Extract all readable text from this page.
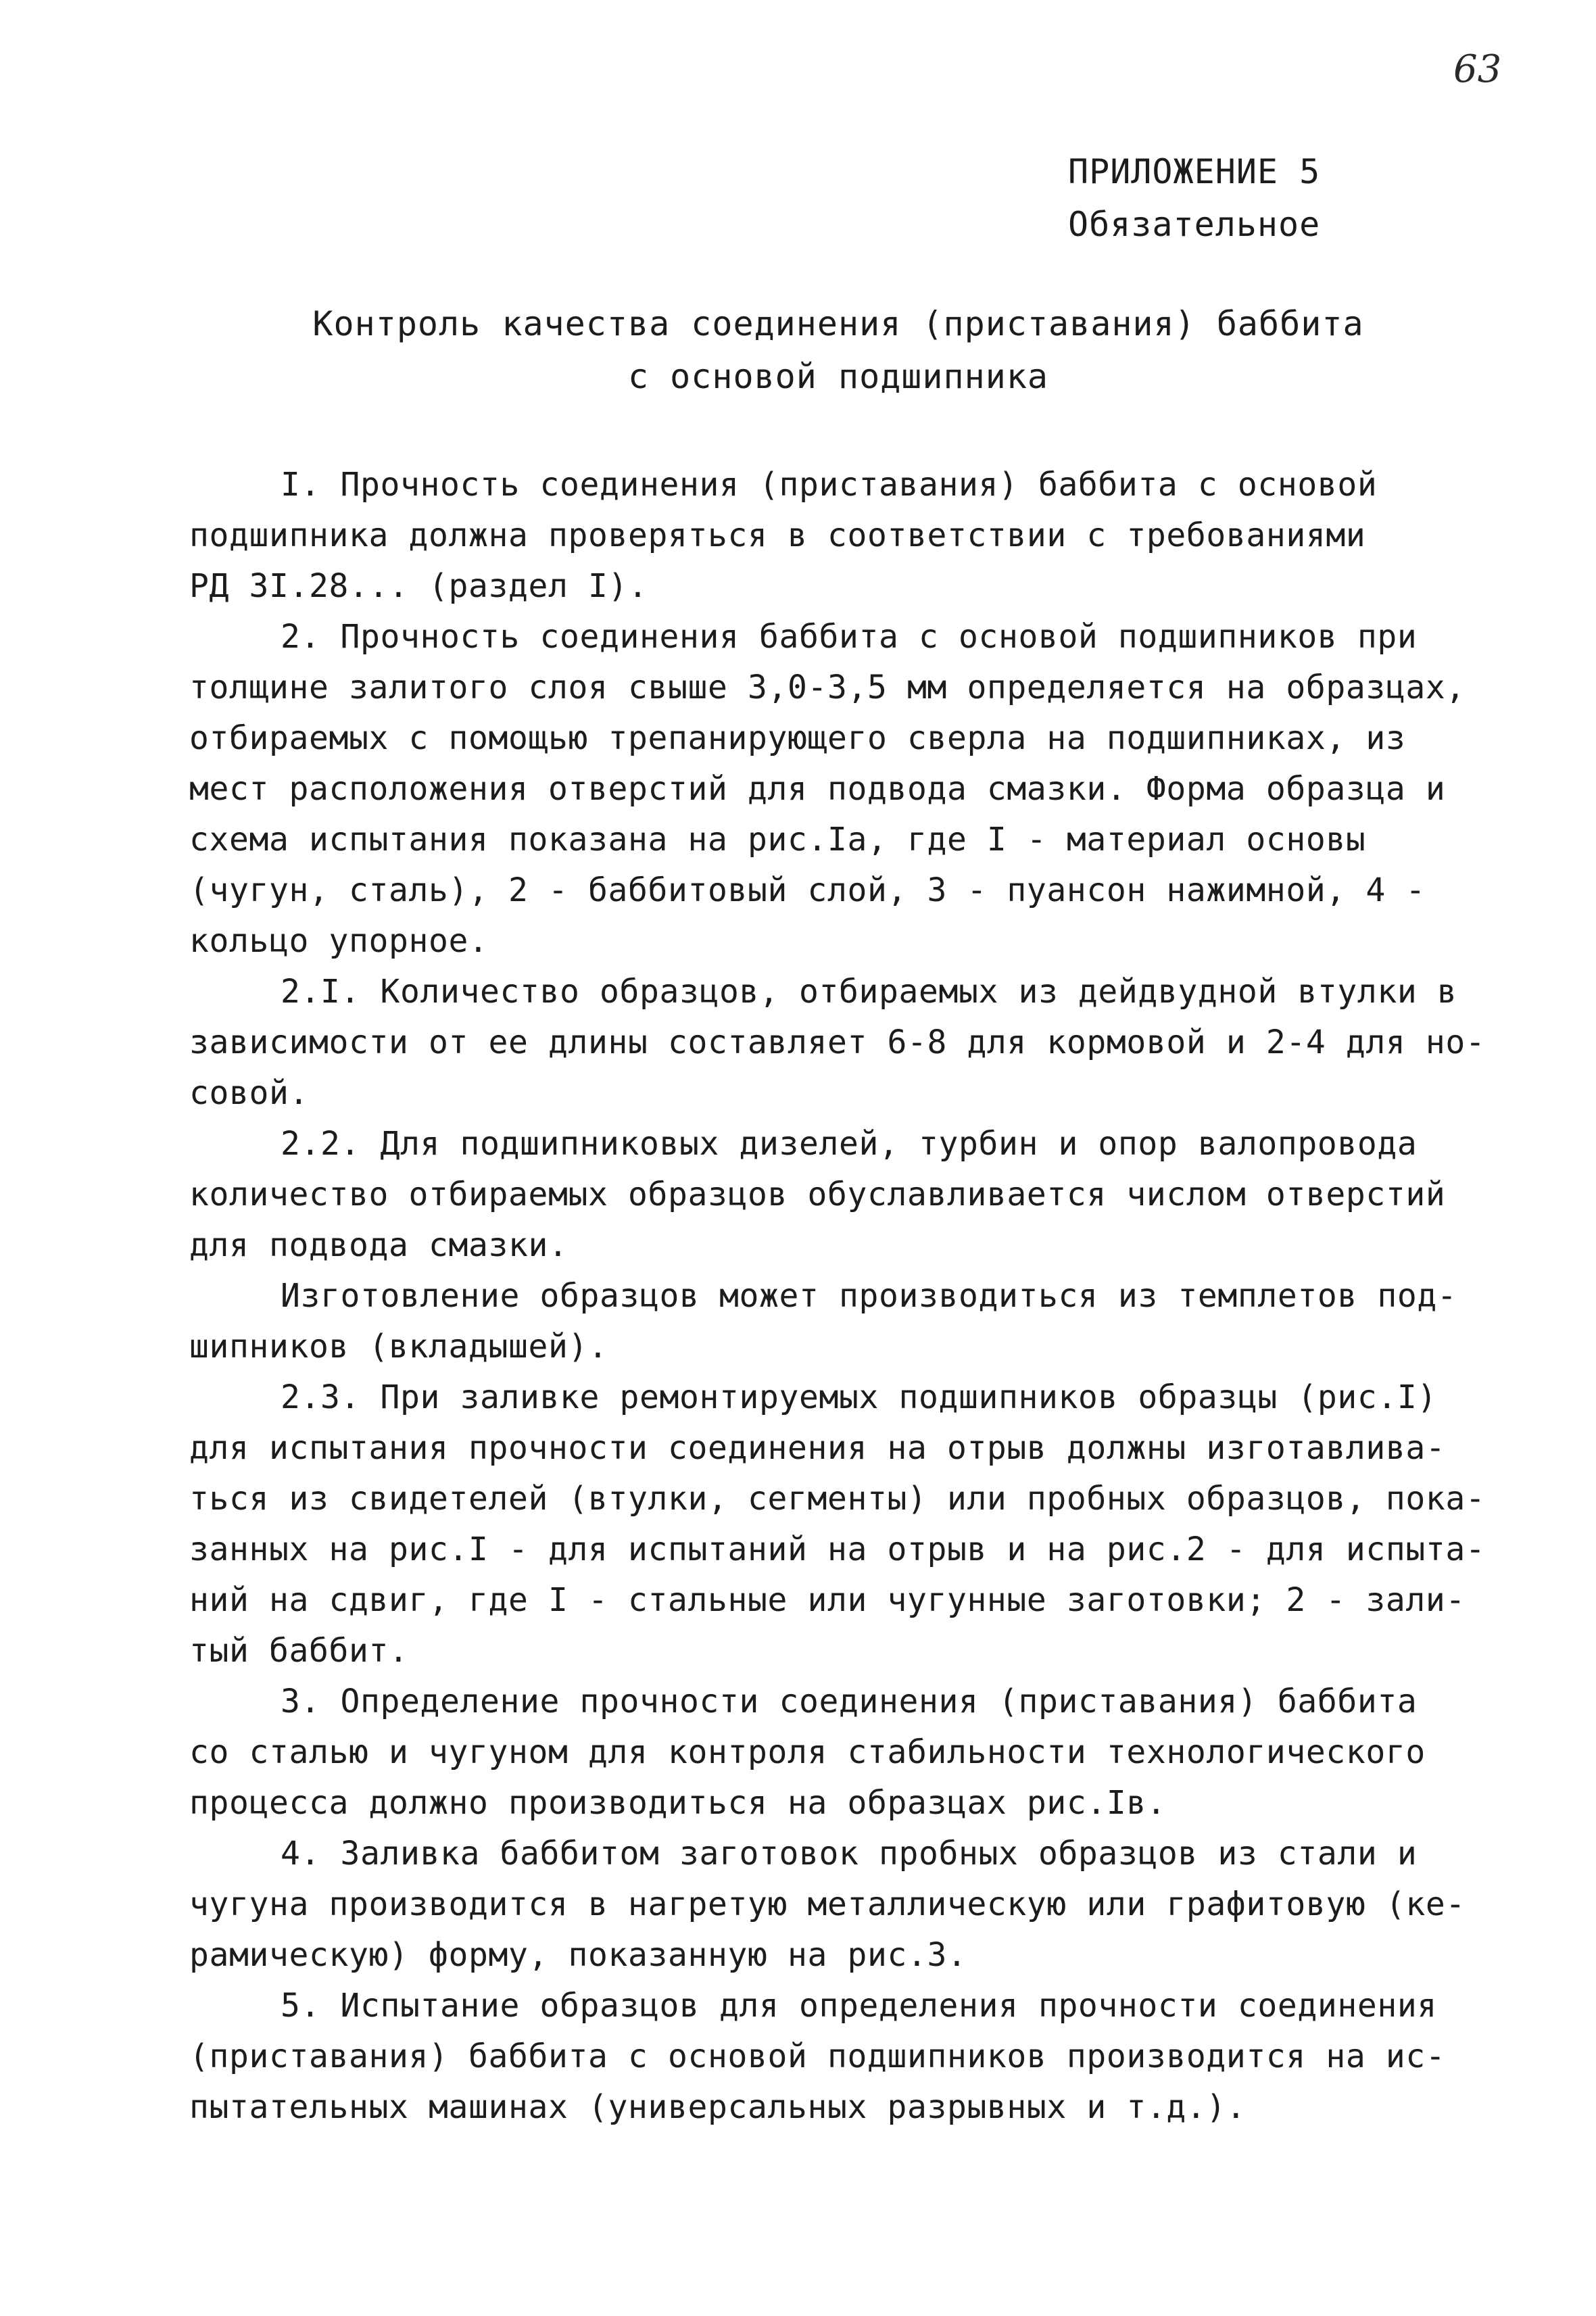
63
ПРИЛОЖЕНИЕ 5
Обязательное
Контроль качества соединения (приставания) баббита
с основой подшипника
I. Прочность соединения (приставания) баббита с основой
подшипника должна проверяться в соответствии с требованиями
РД 3I.28... (раздел I).
2. Прочность соединения баббита с основой подшипников при
толщине залитого слоя свыше 3,0-3,5 мм определяется на образцах,
отбираемых с помощью трепанирующего сверла на подшипниках, из
мест расположения отверстий для подвода смазки. Форма образца и
схема испытания показана на рис.Iа, где I - материал основы
(чугун, сталь), 2 - баббитовый слой, 3 - пуансон нажимной, 4 -
кольцо упорное.
2.I. Количество образцов, отбираемых из дейдвудной втулки в
зависимости от ее длины составляет 6-8 для кормовой и 2-4 для но-
совой.
2.2. Для подшипниковых дизелей, турбин и опор валопровода
количество отбираемых образцов обуславливается числом отверстий
для подвода смазки.
Изготовление образцов может производиться из темплетов под-
шипников (вкладышей).
2.3. При заливке ремонтируемых подшипников образцы (рис.I)
для испытания прочности соединения на отрыв должны изготавлива-
ться из свидетелей (втулки, сегменты) или пробных образцов, пока-
занных на рис.I - для испытаний на отрыв и на рис.2 - для испыта-
ний на сдвиг, где I - стальные или чугунные заготовки; 2 - зали-
тый баббит.
3. Определение прочности соединения (приставания) баббита
со сталью и чугуном для контроля стабильности технологического
процесса должно производиться на образцах рис.Iв.
4. Заливка баббитом заготовок пробных образцов из стали и
чугуна производится в нагретую металлическую или графитовую (ке-
рамическую) форму, показанную на рис.3.
5. Испытание образцов для определения прочности соединения
(приставания) баббита с основой подшипников производится на ис-
пытательных машинах (универсальных разрывных и т.д.).
